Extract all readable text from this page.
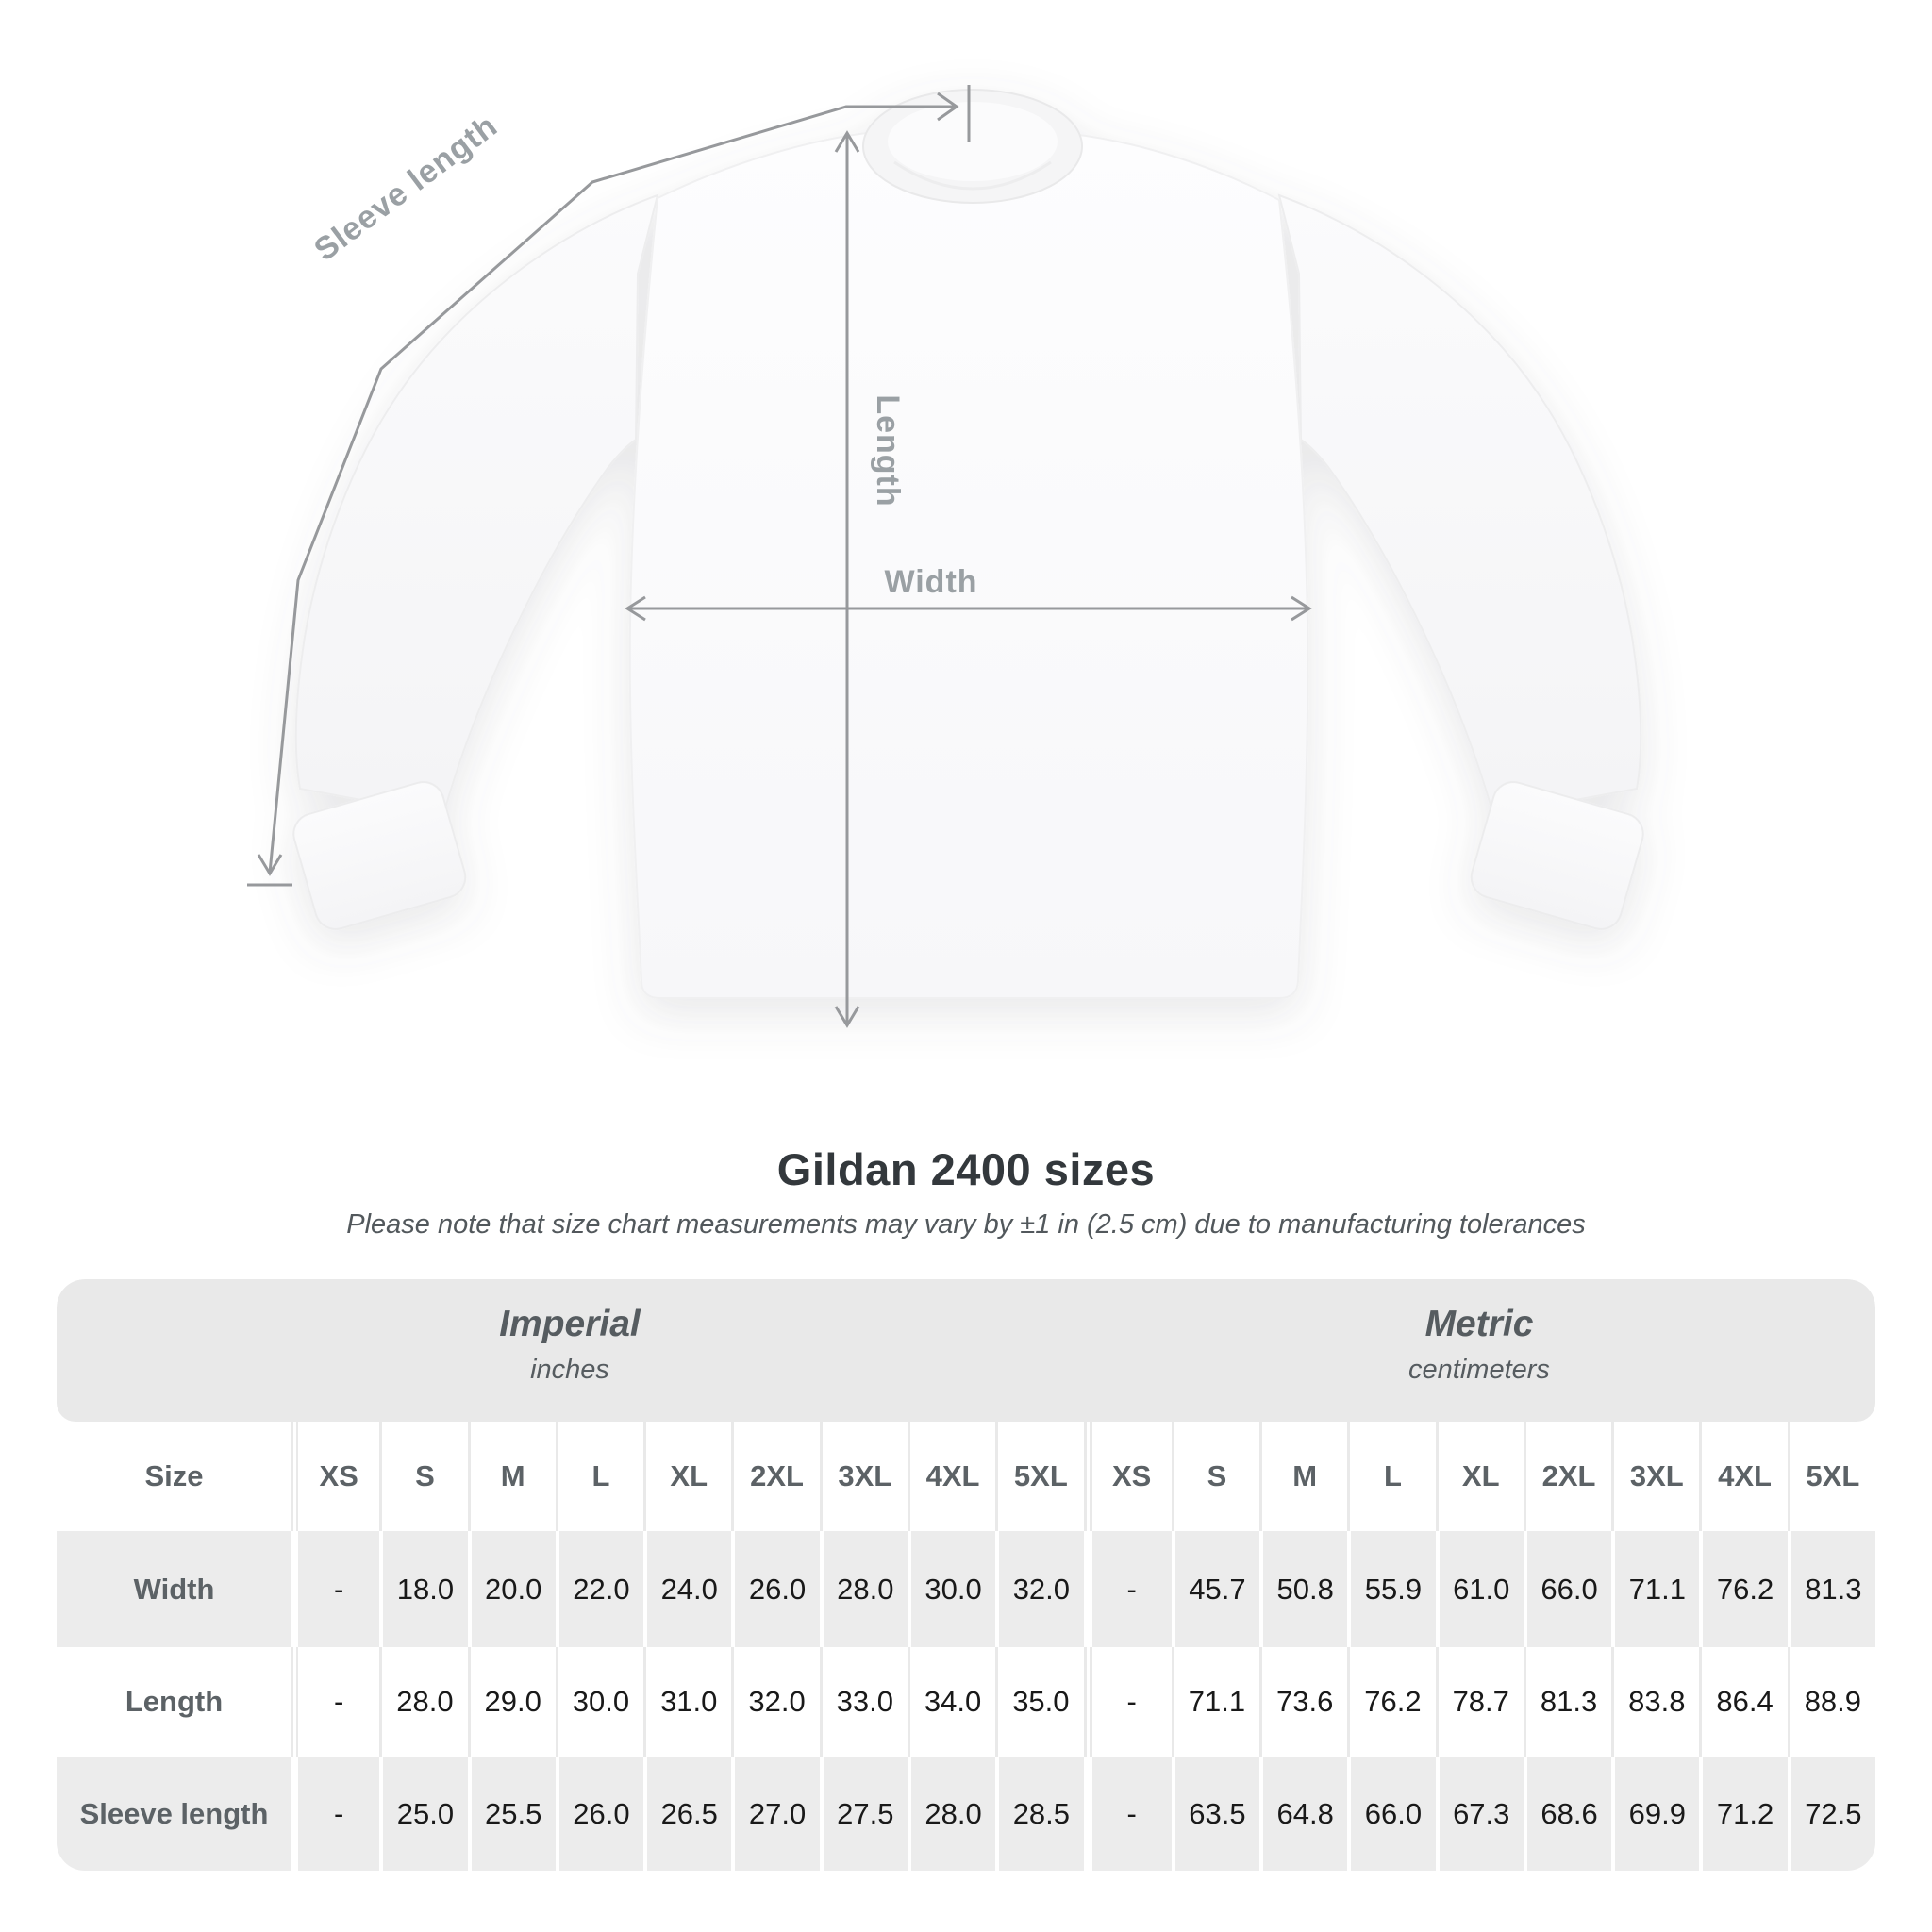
Sleeve length
Length
Width
Gildan 2400 sizes
Please note that size chart measurements may vary by ±1 in (2.5 cm) due to manufacturing tolerances
Imperial
inches
Metric
centimeters
Size	XS	S	M	L	XL	2XL	3XL	4XL	5XL	XS	S	M	L	XL	2XL	3XL	4XL	5XL
Width	-	18.0	20.0	22.0	24.0	26.0	28.0	30.0	32.0	-	45.7	50.8	55.9	61.0	66.0	71.1	76.2	81.3
Length	-	28.0	29.0	30.0	31.0	32.0	33.0	34.0	35.0	-	71.1	73.6	76.2	78.7	81.3	83.8	86.4	88.9
Sleeve length	-	25.0	25.5	26.0	26.5	27.0	27.5	28.0	28.5	-	63.5	64.8	66.0	67.3	68.6	69.9	71.2	72.5
